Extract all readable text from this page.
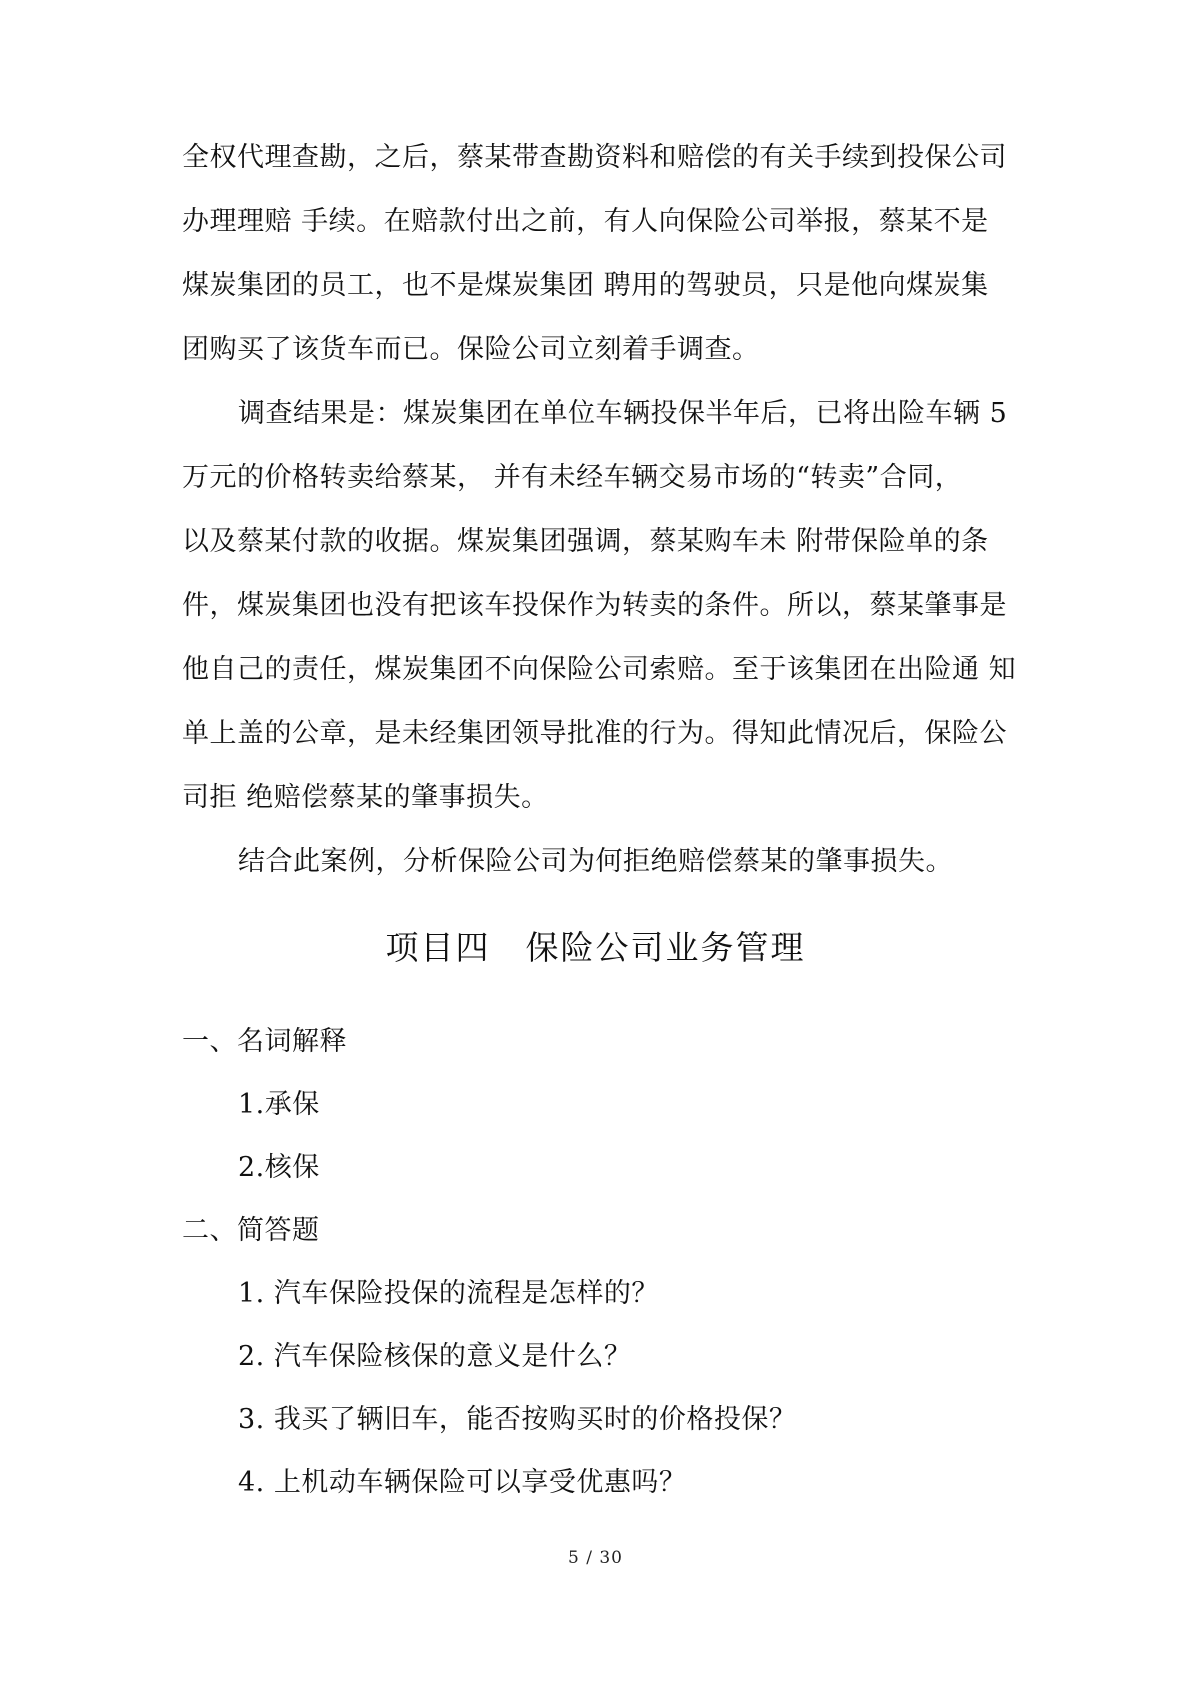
全权代理查勘，之后，蔡某带查勘资料和赔偿的有关手续到投保公司
办理理赔 手续。在赔款付出之前，有人向保险公司举报，蔡某不是
煤炭集团的员工，也不是煤炭集团 聘用的驾驶员，只是他向煤炭集
团购买了该货车而已。保险公司立刻着手调查。
调查结果是：煤炭集团在单位车辆投保半年后，已将出险车辆 5
万元的价格转卖给蔡某， 并有未经车辆交易市场的“转卖”合同，
以及蔡某付款的收据。煤炭集团强调，蔡某购车未 附带保险单的条
件，煤炭集团也没有把该车投保作为转卖的条件。所以，蔡某肇事是
他自己的责任，煤炭集团不向保险公司索赔。至于该集团在出险通 知
单上盖的公章，是未经集团领导批准的行为。得知此情况后，保险公
司拒 绝赔偿蔡某的肇事损失。
结合此案例，分析保险公司为何拒绝赔偿蔡某的肇事损失。
项目四　保险公司业务管理
一、名词解释
1.承保
2.核保
二、简答题
1. 汽车保险投保的流程是怎样的？
2. 汽车保险核保的意义是什么？
3. 我买了辆旧车，能否按购买时的价格投保？
4. 上机动车辆保险可以享受优惠吗？
5 / 30
